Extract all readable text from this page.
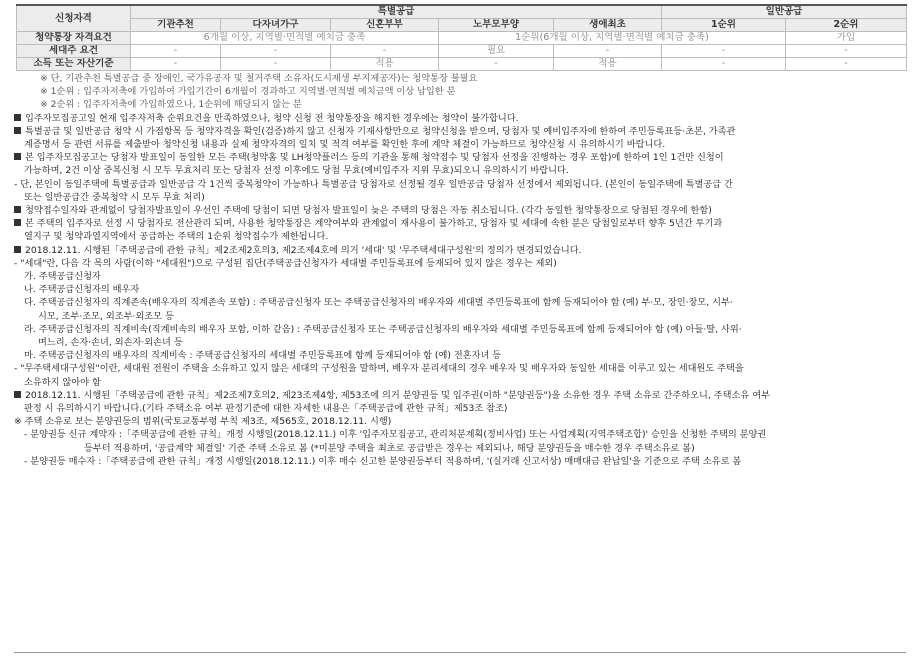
신청자격	특별공급					일반공급	
	기관추천	다자녀가구	신혼부부	노부모부양	생애최초	1순위	2순위
청약통장 자격요건	6개월 이상, 지역별·면적별 예치금 충족			1순위(6개월 이상, 지역별·면적별 예치금 충족)			가입
세대주 요건	-	-	-	필요	-	-	-
소득 또는 자산기준	-	-	적용	-	적용	-	-

※ 단, 기관추천 특별공급 중 장애인, 국가유공자 및 철거주택 소유자(도시재생 부지제공자)는 청약통장 불필요

※ 1순위 : 입주자저축에 가입하여 가입기간이 6개월이 경과하고 지역별·면적별 예치금액 이상 납입한 분

※ 2순위 : 입주자저축에 가입하였으나, 1순위에 해당되지 않는 분

입주자모집공고일 현재 입주자저축 순위요건을 만족하였으나, 청약 신청 전 청약통장을 해지한 경우에는 청약이 불가합니다.

특별공급 및 일반공급 청약 시 가점항목 등 청약자격을 확인(검증)하지 않고 신청자 기재사항만으로 청약신청을 받으며, 당첨자 및 예비입주자에 한하여 주민등록표등·초본, 가족관

계증명서 등 관련 서류를 제출받아 청약신청 내용과 실제 청약자격의 일치 및 적격 여부를 확인한 후에 계약 체결이 가능하므로 청약신청 시 유의하시기 바랍니다.

본 입주자모집공고는 당첨자 발표일이 동일한 모든 주택(청약홈 및 LH청약플러스 등의 기관을 통해 청약접수 및 당첨자 선정을 진행하는 경우 포함)에 한하여 1인 1건만 신청이

가능하며, 2건 이상 중복신청 시 모두 무효처리 또는 당첨자 선정 이후에도 당첨 무효(예비입주자 지위 무효)되오니 유의하시기 바랍니다.

- 단, 본인이 동일주택에 특별공급과 일반공급 각 1건씩 중복청약이 가능하나 특별공급 당첨자로 선정될 경우 일반공급 당첨자 선정에서 제외됩니다. (본인이 동일주택에 특별공급 간

또는 일반공급간 중복청약 시 모두 무효 처리)

청약접수일자와 관계없이 당첨자발표일이 우선인 주택에 당첨이 되면 당첨자 발표일이 늦은 주택의 당첨은 자동 취소됩니다. (각각 동일한 청약통장으로 당첨된 경우에 한함)

본 주택의 입주자로 선정 시 당첨자로 전산관리 되며, 사용한 청약통장은 계약여부와 관계없이 재사용이 불가하고, 당첨자 및 세대에 속한 분은 당첨일로부터 향후 5년간 투기과

열지구 및 청약과열지역에서 공급하는 주택의 1순위 청약접수가 제한됩니다.

2018.12.11. 시행된「주택공급에 관한 규칙」제2조제2호의3, 제2조제4호에 의거 '세대' 및 '무주택세대구성원'의 정의가 변경되었습니다.

- "세대"란, 다음 각 목의 사람(이하 "세대원")으로 구성된 집단(주택공급신청자가 세대별 주민등록표에 등재되어 있지 않은 경우는 제외)

가. 주택공급신청자

나. 주택공급신청자의 배우자

다. 주택공급신청자의 직계존속(배우자의 직계존속 포함) : 주택공급신청자 또는 주택공급신청자의 배우자와 세대별 주민등록표에 함께 등재되어야 함 (예) 부·모, 장인·장모, 시부·

시모, 조부·조모, 외조부·외조모 등

라. 주택공급신청자의 직계비속(직계비속의 배우자 포함, 이하 같음) : 주택공급신청자 또는 주택공급신청자의 배우자와 세대별 주민등록표에 함께 등재되어야 함 (예) 아들·딸, 사위·

며느리, 손자·손녀, 외손자·외손녀 등

마. 주택공급신청자의 배우자의 직계비속 : 주택공급신청자의 세대별 주민등록표에 함께 등재되어야 함 (예) 전혼자녀 등

- "무주택세대구성원"이란, 세대원 전원이 주택을 소유하고 있지 않은 세대의 구성원을 말하며, 배우자 분리세대의 경우 배우자 및 배우자와 동일한 세대를 이루고 있는 세대원도 주택을

소유하지 않아야 함

2018.12.11. 시행된「주택공급에 관한 규칙」제2조제7호의2, 제23조제4항, 제53조에 의거 분양권등 및 입주권(이하 "분양권등")을 소유한 경우 주택 소유로 간주하오니, 주택소유 여부

판정 시 유의하시기 바랍니다.(기타 주택소유 여부 판정기준에 대한 자세한 내용은「주택공급에 관한 규칙」제53조 참조)

※ 주택 소유로 보는 분양권등의 범위(국토교통부령 부칙 제3조, 제565호, 2018.12.11. 시행)

- 분양권등 신규 계약자 :「주택공급에 관한 규칙」개정 시행일(2018.12.11.) 이후 '입주자모집공고, 관리처분계획(정비사업) 또는 사업계획(지역주택조합)' 승인을 신청한 주택의 분양권

등부터 적용하며, '공급계약 체결일' 기준 주택 소유로 봄 (*미분양 주택을 최초로 공급받은 경우는 제외되나, 해당 분양권등을 매수한 경우 주택소유로 봄)

- 분양권등 매수자 :「주택공급에 관한 규칙」개정 시행일(2018.12.11.) 이후 매수 신고한 분양권등부터 적용하며, '(실거래 신고서상) 매매대금 완납일'을 기준으로 주택 소유로 봄
